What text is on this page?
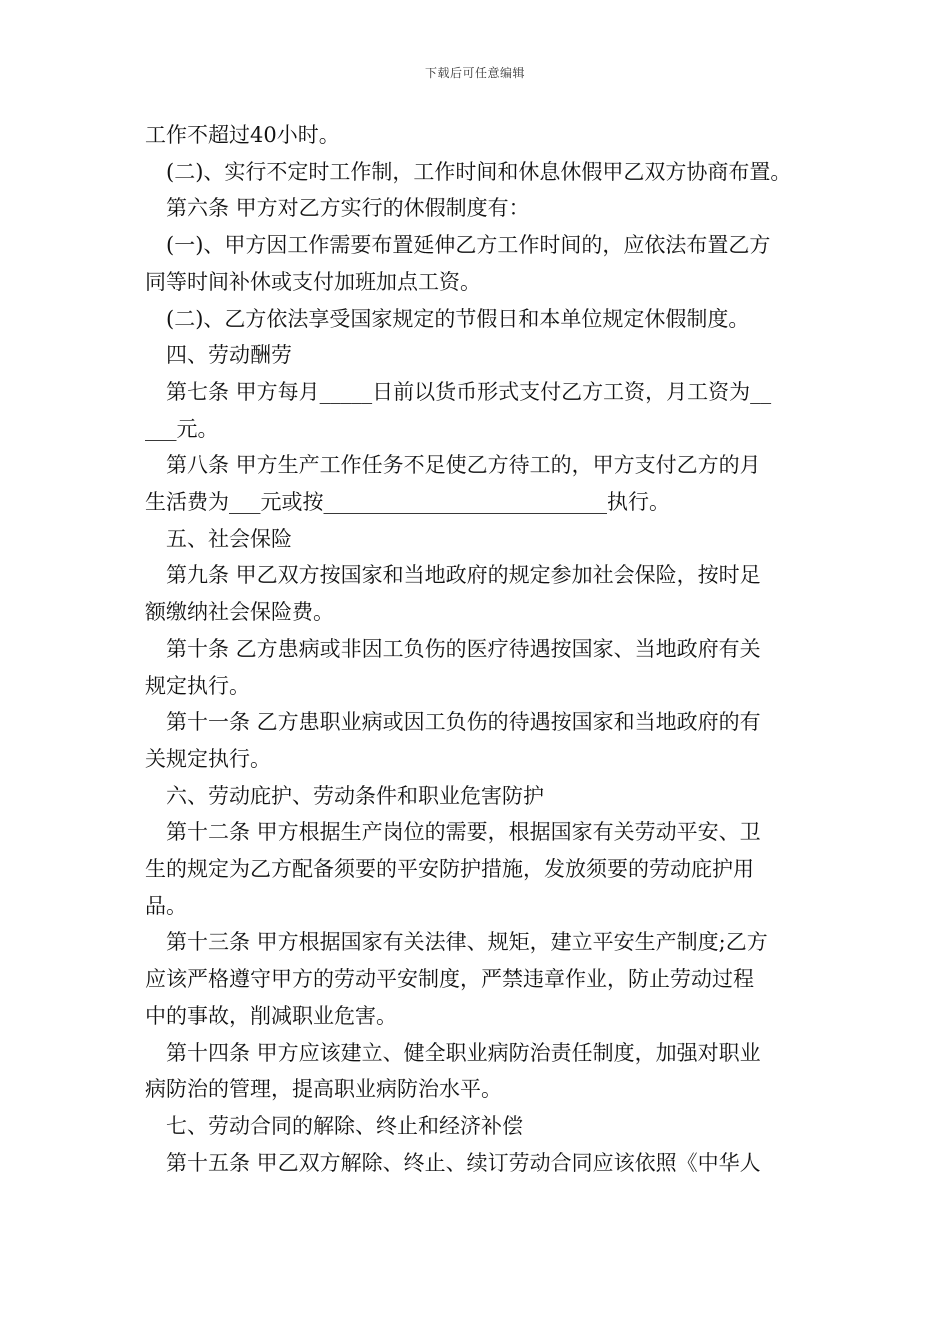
下载后可任意编辑

工作不超过40小时。

(二)、实行不定时工作制，工作时间和休息休假甲乙双方协商布置。

第六条 甲方对乙方实行的休假制度有：

(一)、甲方因工作需要布置延伸乙方工作时间的，应依法布置乙方

同等时间补休或支付加班加点工资。

(二)、乙方依法享受国家规定的节假日和本单位规定休假制度。

四、劳动酬劳

第七条 甲方每月_____日前以货币形式支付乙方工资，月工资为__

___元。

第八条 甲方生产工作任务不足使乙方待工的，甲方支付乙方的月

生活费为___元或按___________________________执行。

五、社会保险

第九条 甲乙双方按国家和当地政府的规定参加社会保险，按时足

额缴纳社会保险费。

第十条 乙方患病或非因工负伤的医疗待遇按国家、当地政府有关

规定执行。

第十一条 乙方患职业病或因工负伤的待遇按国家和当地政府的有

关规定执行。

六、劳动庇护、劳动条件和职业危害防护

第十二条 甲方根据生产岗位的需要，根据国家有关劳动平安、卫

生的规定为乙方配备须要的平安防护措施，发放须要的劳动庇护用

品。

第十三条 甲方根据国家有关法律、规矩，建立平安生产制度;乙方

应该严格遵守甲方的劳动平安制度，严禁违章作业，防止劳动过程

中的事故，削减职业危害。

第十四条 甲方应该建立、健全职业病防治责任制度，加强对职业

病防治的管理，提高职业病防治水平。

七、劳动合同的解除、终止和经济补偿

第十五条 甲乙双方解除、终止、续订劳动合同应该依照《中华人
